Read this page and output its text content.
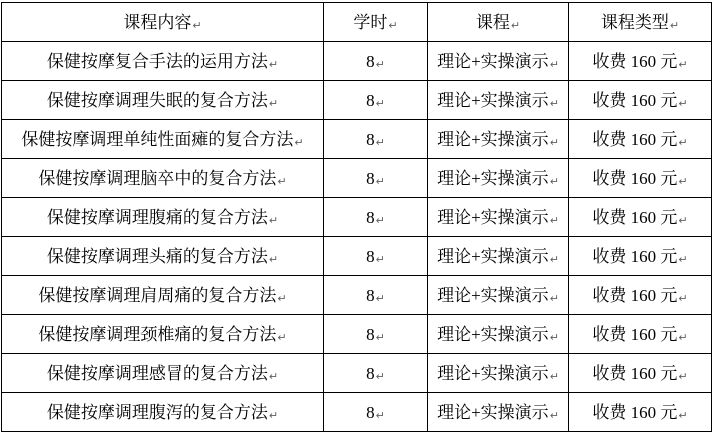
课程内容↵	学时↵	课程↵	课程类型↵
保健按摩复合手法的运用方法↵	8↵	理论+实操演示↵	收费 160 元↵
保健按摩调理失眠的复合方法↵	8↵	理论+实操演示↵	收费 160 元↵
保健按摩调理单纯性面瘫的复合方法↵	8↵	理论+实操演示↵	收费 160 元↵
保健按摩调理脑卒中的复合方法↵	8↵	理论+实操演示↵	收费 160 元↵
保健按摩调理腹痛的复合方法↵	8↵	理论+实操演示↵	收费 160 元↵
保健按摩调理头痛的复合方法↵	8↵	理论+实操演示↵	收费 160 元↵
保健按摩调理肩周痛的复合方法↵	8↵	理论+实操演示↵	收费 160 元↵
保健按摩调理颈椎痛的复合方法↵	8↵	理论+实操演示↵	收费 160 元↵
保健按摩调理感冒的复合方法↵	8↵	理论+实操演示↵	收费 160 元↵
保健按摩调理腹泻的复合方法↵	8↵	理论+实操演示↵	收费 160 元↵
